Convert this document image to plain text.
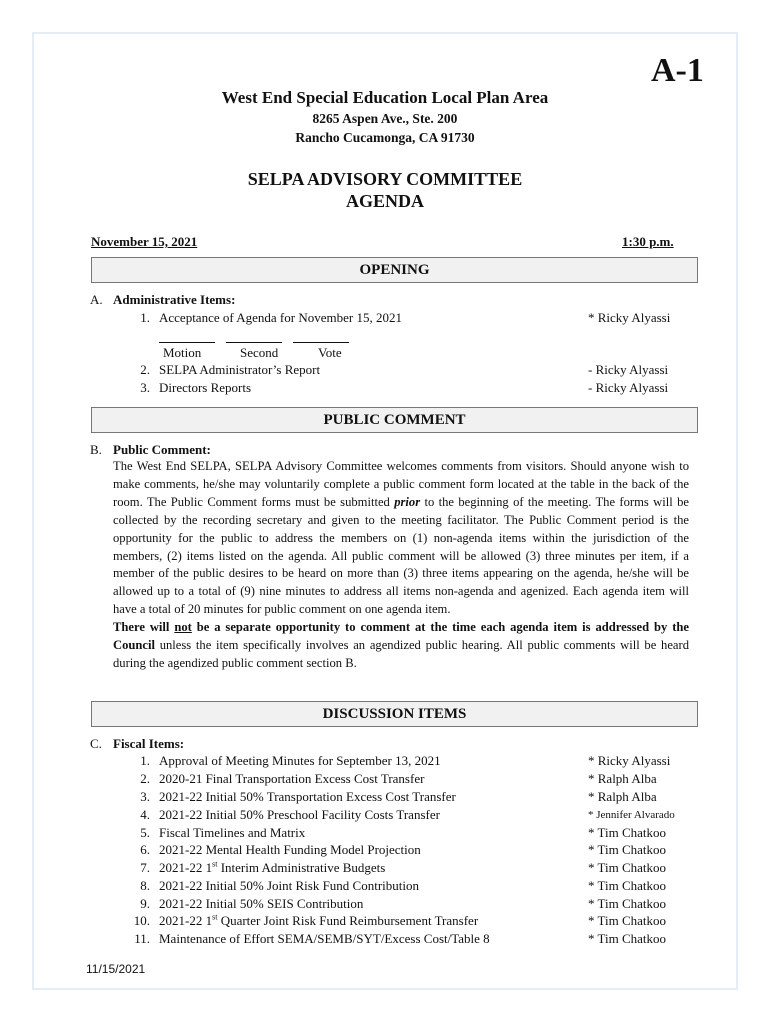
A-1
West End Special Education Local Plan Area
8265 Aspen Ave., Ste. 200
Rancho Cucamonga, CA 91730
SELPA ADVISORY COMMITTEE
AGENDA
November 15, 2021	1:30 p.m.
OPENING
A. Administrative Items:
1. Acceptance of Agenda for November 15, 2021	* Ricky Alyassi
Motion	Second	Vote
2. SELPA Administrator’s Report	- Ricky Alyassi
3. Directors Reports	- Ricky Alyassi
PUBLIC COMMENT
B. Public Comment:

The West End SELPA, SELPA Advisory Committee welcomes comments from visitors. Should anyone wish to make comments, he/she may voluntarily complete a public comment form located at the table in the back of the room. The Public Comment forms must be submitted prior to the beginning of the meeting. The forms will be collected by the recording secretary and given to the meeting facilitator. The Public Comment period is the opportunity for the public to address the members on (1) non-agenda items within the jurisdiction of the members, (2) items listed on the agenda. All public comment will be allowed (3) three minutes per item, if a member of the public desires to be heard on more than (3) three items appearing on the agenda, he/she will be allowed up to a total of (9) nine minutes to address all items non-agenda and agenized. Each agenda item will have a total of 20 minutes for public comment on one agenda item.

There will not be a separate opportunity to comment at the time each agenda item is addressed by the Council unless the item specifically involves an agendized public hearing. All public comments will be heard during the agendized public comment section B.

DISCUSSION ITEMS
C. Fiscal Items:
1. Approval of Meeting Minutes for September 13, 2021	* Ricky Alyassi
2. 2020-21 Final Transportation Excess Cost Transfer	* Ralph Alba
3. 2021-22 Initial 50% Transportation Excess Cost Transfer	* Ralph Alba
4. 2021-22 Initial 50% Preschool Facility Costs Transfer	* Jennifer Alvarado
5. Fiscal Timelines and Matrix	* Tim Chatkoo
6. 2021-22 Mental Health Funding Model Projection	* Tim Chatkoo
7. 2021-22 1st Interim Administrative Budgets	* Tim Chatkoo
8. 2021-22 Initial 50% Joint Risk Fund Contribution	* Tim Chatkoo
9. 2021-22 Initial 50% SEIS Contribution	* Tim Chatkoo
10. 2021-22 1st Quarter Joint Risk Fund Reimbursement Transfer	* Tim Chatkoo
11. Maintenance of Effort SEMA/SEMB/SYT/Excess Cost/Table 8	* Tim Chatkoo
11/15/2021
